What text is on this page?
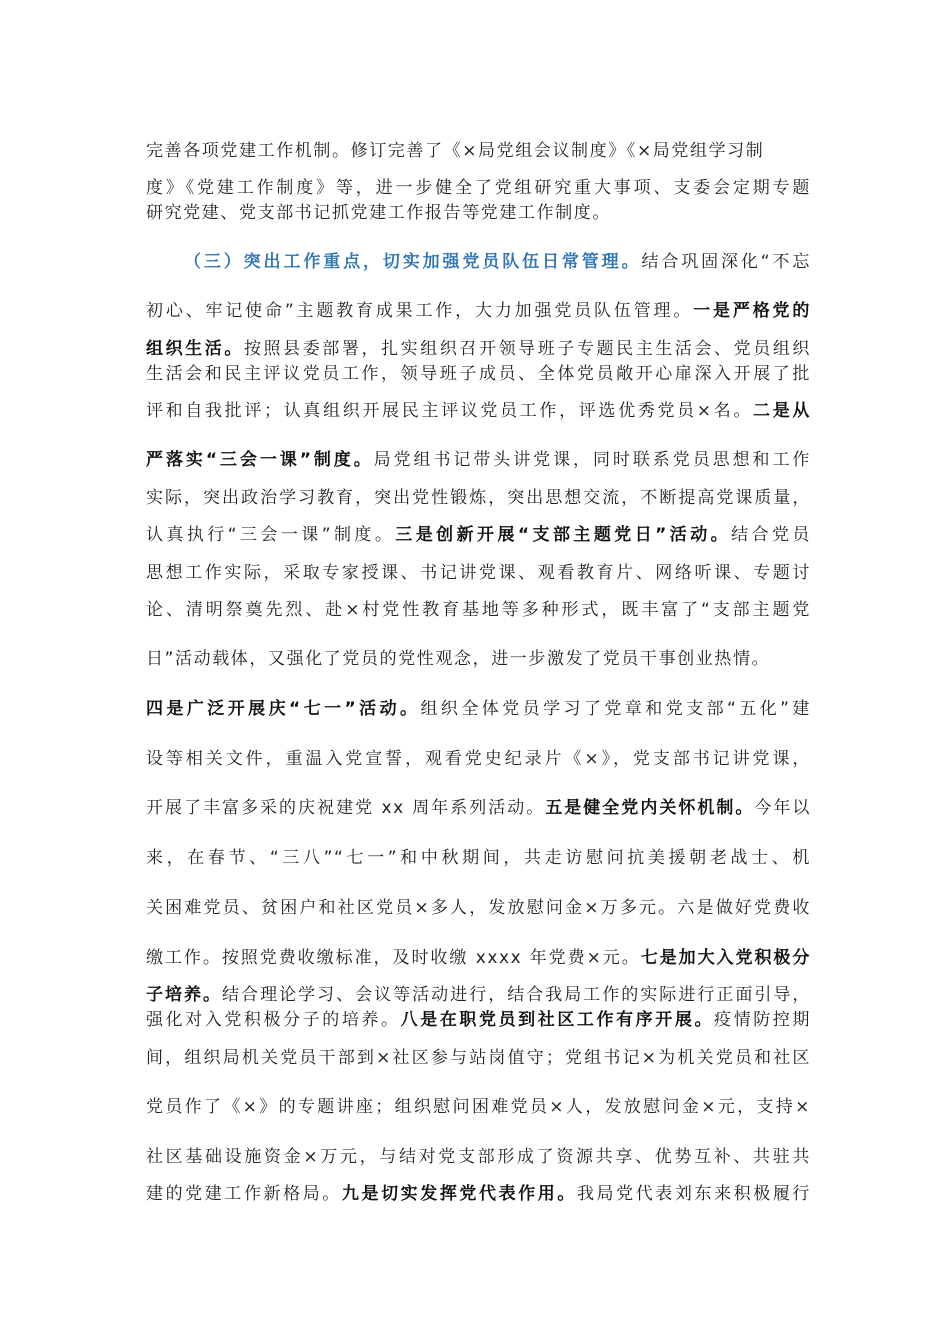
完善各项党建工作机制。修订完善了《×局党组会议制度》《×局党组学习制
度》《党建工作制度》等，进一步健全了党组研究重大事项、支委会定期专题
研究党建、党支部书记抓党建工作报告等党建工作制度。
（三）突出工作重点，切实加强党员队伍日常管理。结合巩固深化“不忘
初心、牢记使命”主题教育成果工作，大力加强党员队伍管理。一是严格党的
组织生活。按照县委部署，扎实组织召开领导班子专题民主生活会、党员组织
生活会和民主评议党员工作，领导班子成员、全体党员敞开心扉深入开展了批
评和自我批评；认真组织开展民主评议党员工作，评选优秀党员×名。二是从
严落实“三会一课”制度。局党组书记带头讲党课，同时联系党员思想和工作
实际，突出政治学习教育，突出党性锻炼，突出思想交流，不断提高党课质量，
认真执行“三会一课”制度。三是创新开展“支部主题党日”活动。结合党员
思想工作实际，采取专家授课、书记讲党课、观看教育片、网络听课、专题讨
论、清明祭奠先烈、赴×村党性教育基地等多种形式，既丰富了“支部主题党
日”活动载体，又强化了党员的党性观念，进一步激发了党员干事创业热情。
四是广泛开展庆“七一”活动。组织全体党员学习了党章和党支部“五化”建
设等相关文件，重温入党宣誓，观看党史纪录片《×》，党支部书记讲党课，
开展了丰富多采的庆祝建党 xx 周年系列活动。五是健全党内关怀机制。今年以
来，在春节、“三八”“七一”和中秋期间，共走访慰问抗美援朝老战士、机
关困难党员、贫困户和社区党员×多人，发放慰问金×万多元。六是做好党费收
缴工作。按照党费收缴标准，及时收缴 xxxx 年党费×元。七是加大入党积极分
子培养。结合理论学习、会议等活动进行，结合我局工作的实际进行正面引导，
强化对入党积极分子的培养。八是在职党员到社区工作有序开展。疫情防控期
间，组织局机关党员干部到×社区参与站岗值守；党组书记×为机关党员和社区
党员作了《×》的专题讲座；组织慰问困难党员×人，发放慰问金×元，支持×
社区基础设施资金×万元，与结对党支部形成了资源共享、优势互补、共驻共
建的党建工作新格局。九是切实发挥党代表作用。我局党代表刘东来积极履行
